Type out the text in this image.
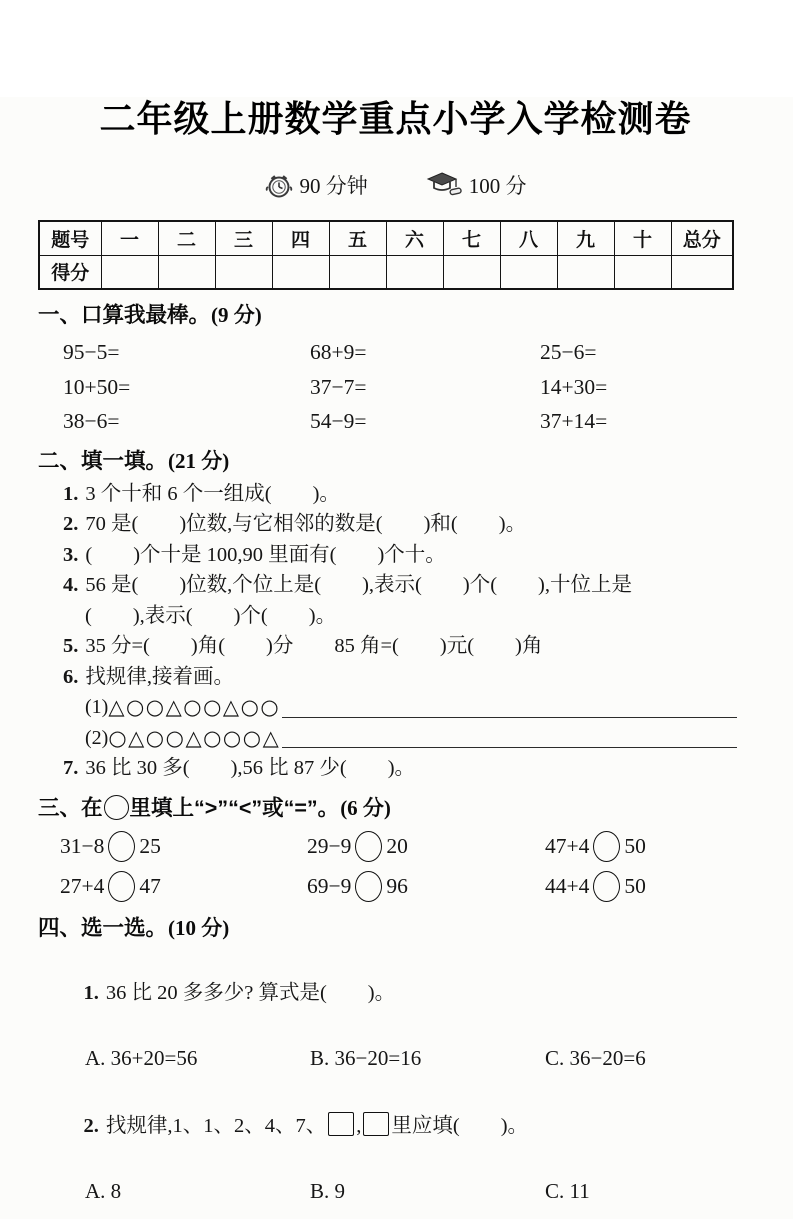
二年级上册数学重点小学入学检测卷
90 分钟	100 分
题号	一	二	三	四	五	六	七	八	九	十	总分
得分											
一、口算我最棒。(9 分)
95−5=	68+9=	25−6=
10+50=	37−7=	14+30=
38−6=	54−9=	37+14=
二、填一填。(21 分)
1. 3 个十和 6 个一组成(        )。
2. 70 是(        )位数,与它相邻的数是(        )和(        )。
3. (        )个十是 100,90 里面有(        )个十。
4. 56 是(        )位数,个位上是(        ),表示(        )个(        ),十位上是
(        ),表示(        )个(        )。
5. 35 分=(        )角(        )分        85 角=(        )元(        )角
6. 找规律,接着画。
(1) △○○△○○△○○
(2) ○△○○△○○○△
7. 36 比 30 多(        ),56 比 87 少(        )。
三、在 里填上“>”“<”或“=”。(6 分)
31−8 25	29−9 20	47+4 50
27+4 47	69−9 96	44+4 50
四、选一选。(10 分)

1. 36 比 20 多多少? 算式是(        )。

A. 36+20=56	B. 36−20=16	C. 36−20=6

2. 找规律,1、1、2、4、7、 , 里应填(        )。

A. 8	B. 9	C. 11
